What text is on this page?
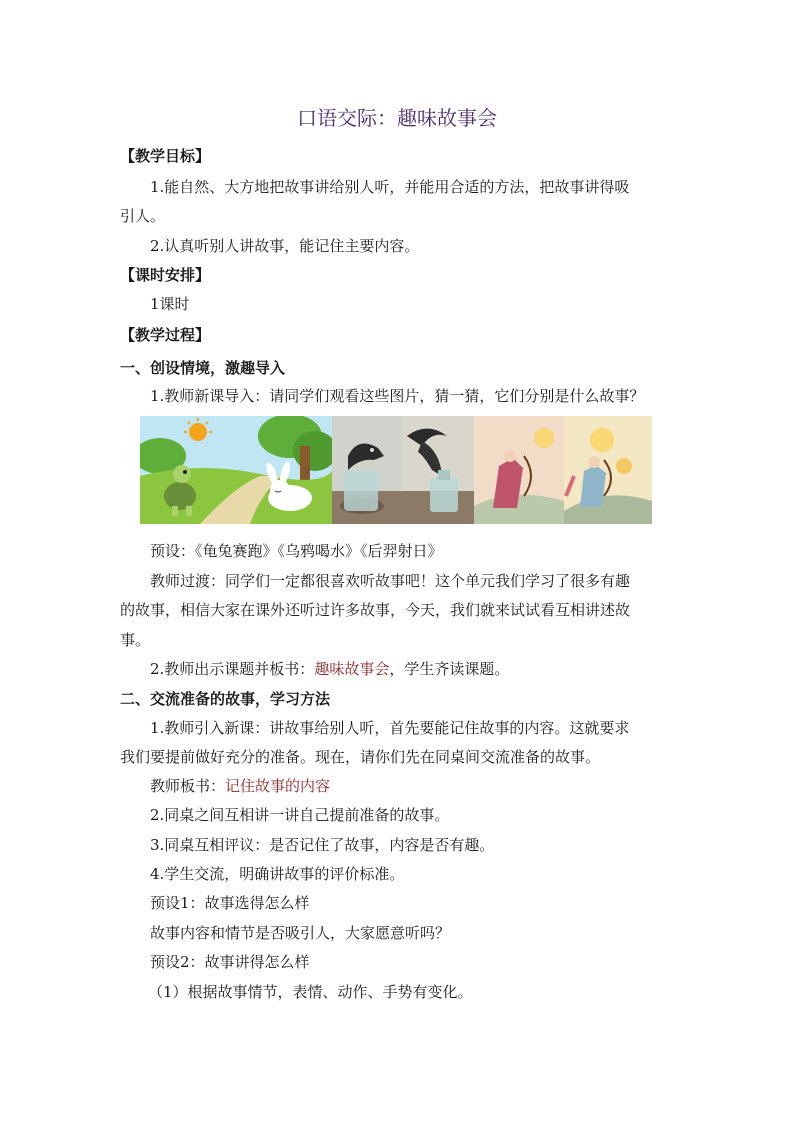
口语交际：趣味故事会
【教学目标】
1.能自然、大方地把故事讲给别人听，并能用合适的方法，把故事讲得吸
引人。
2.认真听别人讲故事，能记住主要内容。
【课时安排】
1课时
【教学过程】
一、创设情境，激趣导入
1.教师新课导入：请同学们观看这些图片，猜一猜，它们分别是什么故事？
z
预设：《龟兔赛跑》《乌鸦喝水》《后羿射日》
教师过渡：同学们一定都很喜欢听故事吧！这个单元我们学习了很多有趣
的故事，相信大家在课外还听过许多故事，今天，我们就来试试看互相讲述故
事。
2.教师出示课题并板书：趣味故事会，学生齐读课题。
二、交流准备的故事，学习方法
1.教师引入新课：讲故事给别人听，首先要能记住故事的内容。这就要求
我们要提前做好充分的准备。现在，请你们先在同桌间交流准备的故事。
教师板书：记住故事的内容
2.同桌之间互相讲一讲自己提前准备的故事。
3.同桌互相评议：是否记住了故事，内容是否有趣。
4.学生交流，明确讲故事的评价标准。
预设1：故事选得怎么样
故事内容和情节是否吸引人，大家愿意听吗？
预设2：故事讲得怎么样
（1）根据故事情节，表情、动作、手势有变化。
